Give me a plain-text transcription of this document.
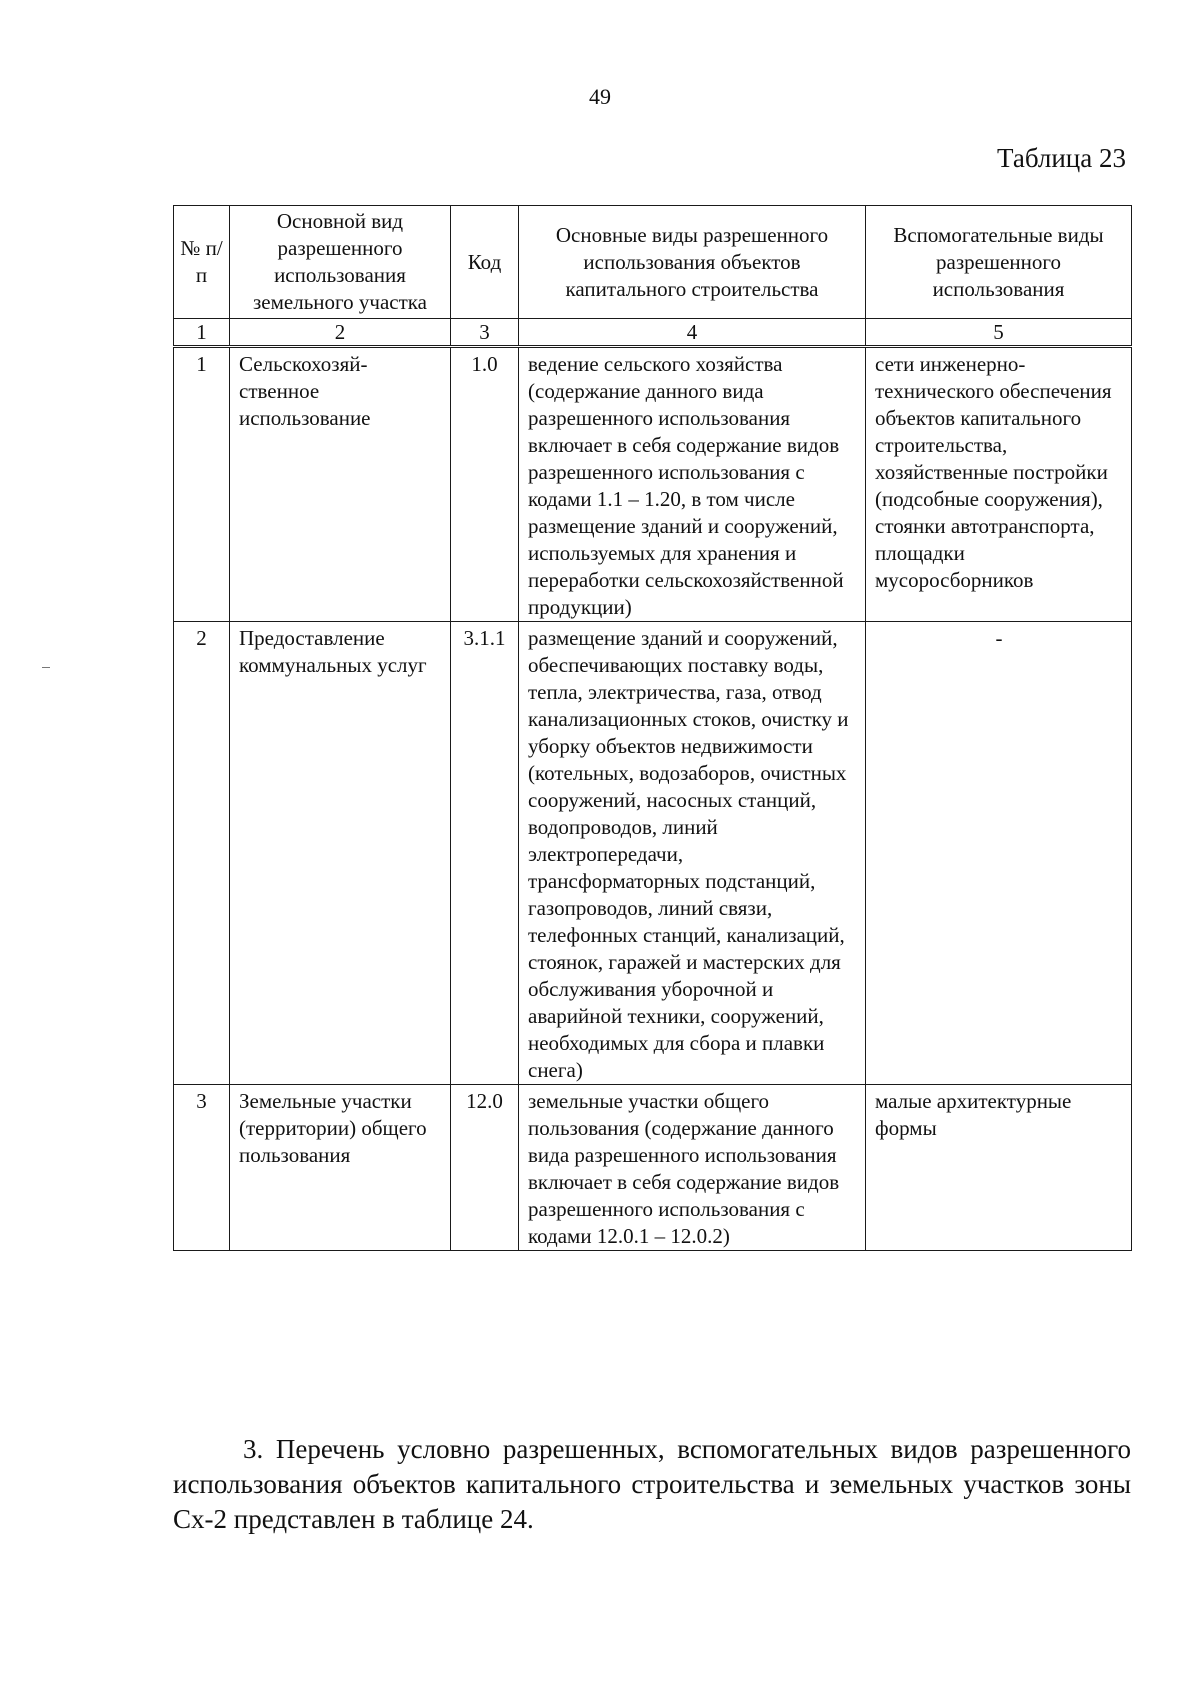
49
Таблица 23
№ п/п	Основной вид разрешенного использования земельного участка	Код	Основные виды разрешенного использования объектов капитального строительства	Вспомогательные виды разрешенного использования
1	2	3	4	5
1	Сельскохозяй-ственное использование	1.0	ведение сельского хозяйства (содержание данного вида разрешенного использования включает в себя содержание видов разрешенного использования с кодами 1.1 – 1.20, в том числе размещение зданий и сооружений, используемых для хранения и переработки сельскохозяйственной продукции)	сети инженерно-технического обеспечения объектов капитального строительства, хозяйственные постройки (подсобные сооружения), стоянки автотранспорта, площадки мусоросборников
2	Предоставление коммунальных услуг	3.1.1	размещение зданий и сооружений, обеспечивающих поставку воды, тепла, электричества, газа, отвод канализационных стоков, очистку и уборку объектов недвижимости (котельных, водозаборов, очистных сооружений, насосных станций, водопроводов, линий электропередачи, трансформаторных подстанций, газопроводов, линий связи, телефонных станций, канализаций, стоянок, гаражей и мастерских для обслуживания уборочной и аварийной техники, сооружений, необходимых для сбора и плавки снега)	-
3	Земельные участки (территории) общего пользования	12.0	земельные участки общего пользования (содержание данного вида разрешенного использования включает в себя содержание видов разрешенного использования с кодами 12.0.1 – 12.0.2)	малые архитектурные формы

3. Перечень условно разрешенных, вспомогательных видов разрешенного использования объектов капитального строительства и земельных участков зоны Сх-2 представлен в таблице 24.
